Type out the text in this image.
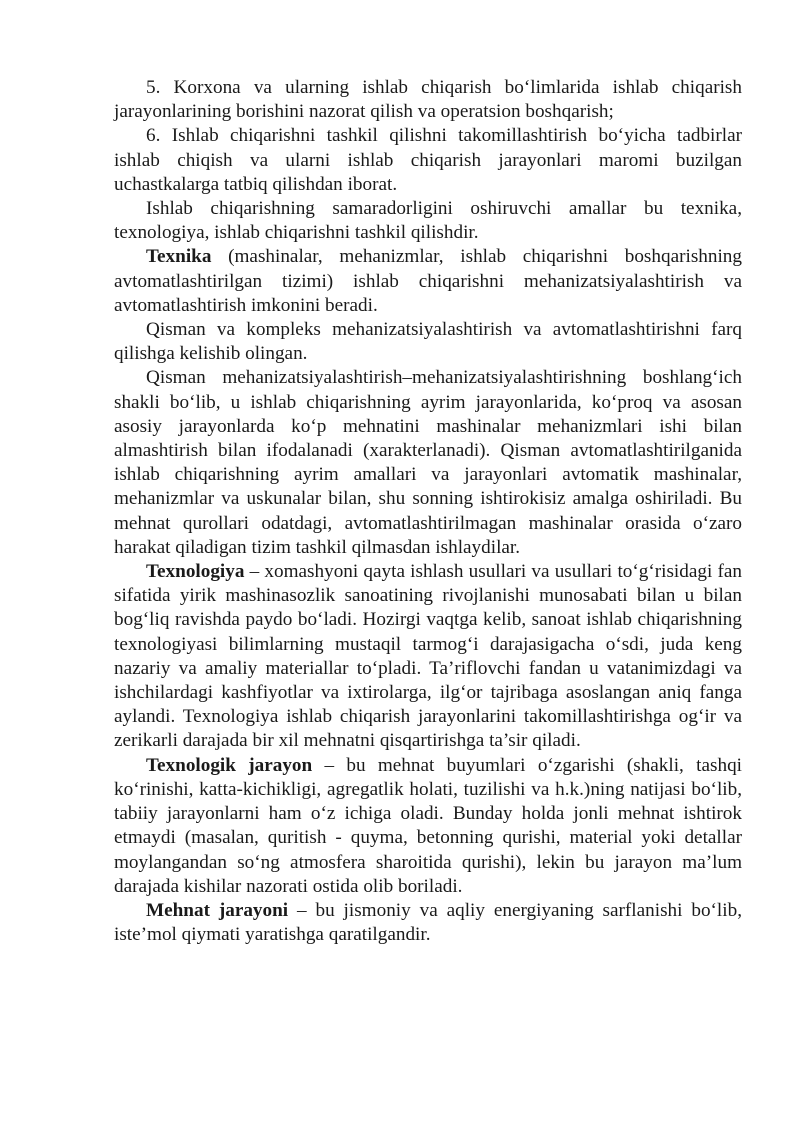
5. Korxona va ularning ishlab chiqarish bo‘limlarida ishlab chiqarish jarayonlarining borishini nazorat qilish va operatsion boshqarish;

6. Ishlab chiqarishni tashkil qilishni takomillashtirish bo‘yicha tadbirlar ishlab chiqish va ularni ishlab chiqarish jarayonlari maromi buzilgan uchastkalarga tatbiq qilishdan iborat.

Ishlab chiqarishning samaradorligini oshiruvchi amallar bu texnika, texnologiya, ishlab chiqarishni tashkil qilishdir.

Texnika (mashinalar, mehanizmlar, ishlab chiqarishni boshqarishning avtomatlashtirilgan tizimi) ishlab chiqarishni mehanizatsiyalashtirish va avtomatlashtirish imkonini beradi.

Qisman va kompleks mehanizatsiyalashtirish va avtomatlashtirishni farq qilishga kelishib olingan.

Qisman mehanizatsiyalashtirish–mehanizatsiyalashtirishning boshlang‘ich shakli bo‘lib, u ishlab chiqarishning ayrim jarayonlarida, ko‘proq va asosan asosiy jarayonlarda ko‘p mehnatini mashinalar mehanizmlari ishi bilan almashtirish bilan ifodalanadi (xarakterlanadi). Qisman avtomatlashtirilganida ishlab chiqarishning ayrim amallari va jarayonlari avtomatik mashinalar, mehanizmlar va uskunalar bilan, shu sonning ishtirokisiz amalga oshiriladi. Bu mehnat qurollari odatdagi, avtomatlashtirilmagan mashinalar orasida o‘zaro harakat qiladigan tizim tashkil qilmasdan ishlaydilar.

Texnologiya – xomashyoni qayta ishlash usullari va usullari to‘g‘risidagi fan sifatida yirik mashinasozlik sanoatining rivojlanishi munosabati bilan u bilan bog‘liq ravishda paydo bo‘ladi. Hozirgi vaqtga kelib, sanoat ishlab chiqarishning texnologiyasi bilimlarning mustaqil tarmog‘i darajasigacha o‘sdi, juda keng nazariy va amaliy materiallar to‘pladi. Ta’riflovchi fandan u vatanimizdagi va ishchilardagi kashfiyotlar va ixtirolarga, ilg‘or tajribaga asoslangan aniq fanga aylandi. Texnologiya ishlab chiqarish jarayonlarini takomillashtirishga og‘ir va zerikarli darajada bir xil mehnatni qisqartirishga ta’sir qiladi.

Texnologik jarayon – bu mehnat buyumlari o‘zgarishi (shakli, tashqi ko‘rinishi, katta-kichikligi, agregatlik holati, tuzilishi va h.k.)ning natijasi bo‘lib, tabiiy jarayonlarni ham o‘z ichiga oladi. Bunday holda jonli mehnat ishtirok etmaydi (masalan, quritish - quyma, betonning qurishi, material yoki detallar moylangandan so‘ng atmosfera sharoitida qurishi), lekin bu jarayon ma’lum darajada kishilar nazorati ostida olib boriladi.

Mehnat jarayoni – bu jismoniy va aqliy energiyaning sarflanishi bo‘lib, iste’mol qiymati yaratishga qaratilgandir.
